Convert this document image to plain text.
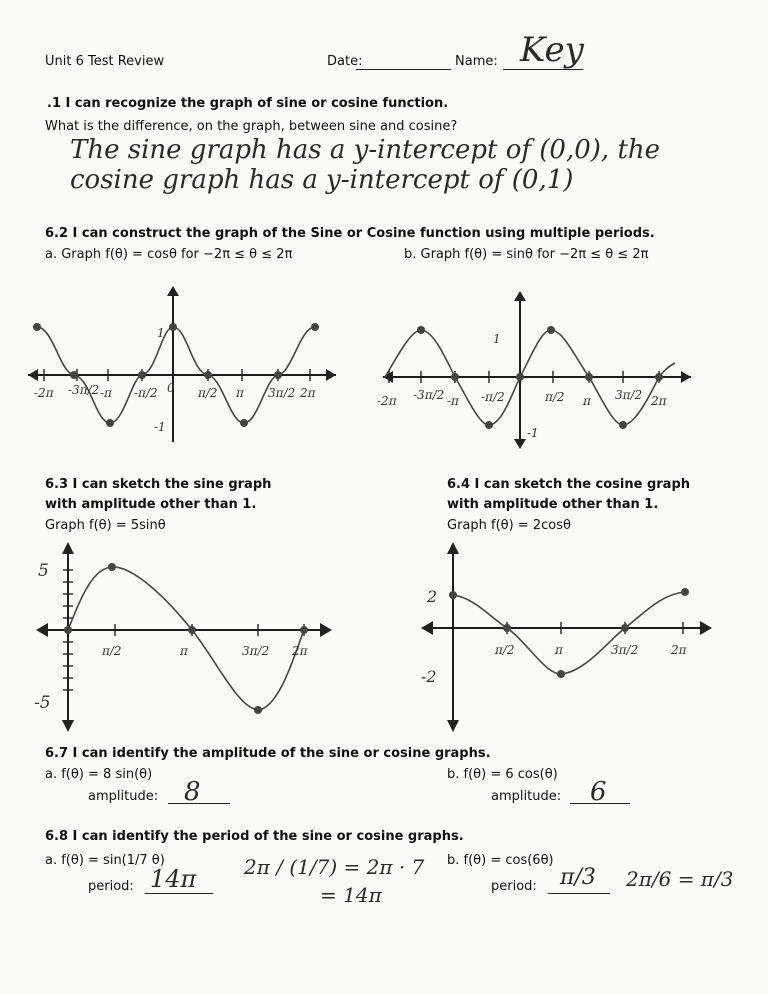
Unit 6 Test Review	Date:	Name: Key
.1 I can recognize the graph of sine or cosine function.
What is the difference, on the graph, between sine and cosine?
The sine graph has a y-intercept of (0,0), the
cosine graph has a y-intercept of (0,1)
6.2 I can construct the graph of the Sine or Cosine function using multiple periods.
a. Graph f(θ) = cosθ for −2π ≤ θ ≤ 2π	b. Graph f(θ) = sinθ for −2π ≤ θ ≤ 2π
-2π -3π/2 -π -π/2 0 π/2 π 3π/2 2π
1
-1
-2π -3π/2 -π -π/2	π/2 π 3π/2 2π
1
-1
6.3 I can sketch the sine graph
with amplitude other than 1.
Graph f(θ) = 5sinθ
5
-5
π/2	π	3π/2 2π
6.4 I can sketch the cosine graph
with amplitude other than 1.
Graph f(θ) = 2cosθ
2
-2
π/2	π	3π/2	2π
6.7 I can identify the amplitude of the sine or cosine graphs.
a. f(θ) = 8 sin(θ)
amplitude: 8
b. f(θ) = 6 cos(θ)
amplitude: 6
6.8 I can identify the period of the sine or cosine graphs.
a. f(θ) = sin(1/7 θ)
period: 14π 2π / (1/7) = 2π · 7
= 14π
b. f(θ) = cos(6θ)
period: π/3 2π/6 = π/3
